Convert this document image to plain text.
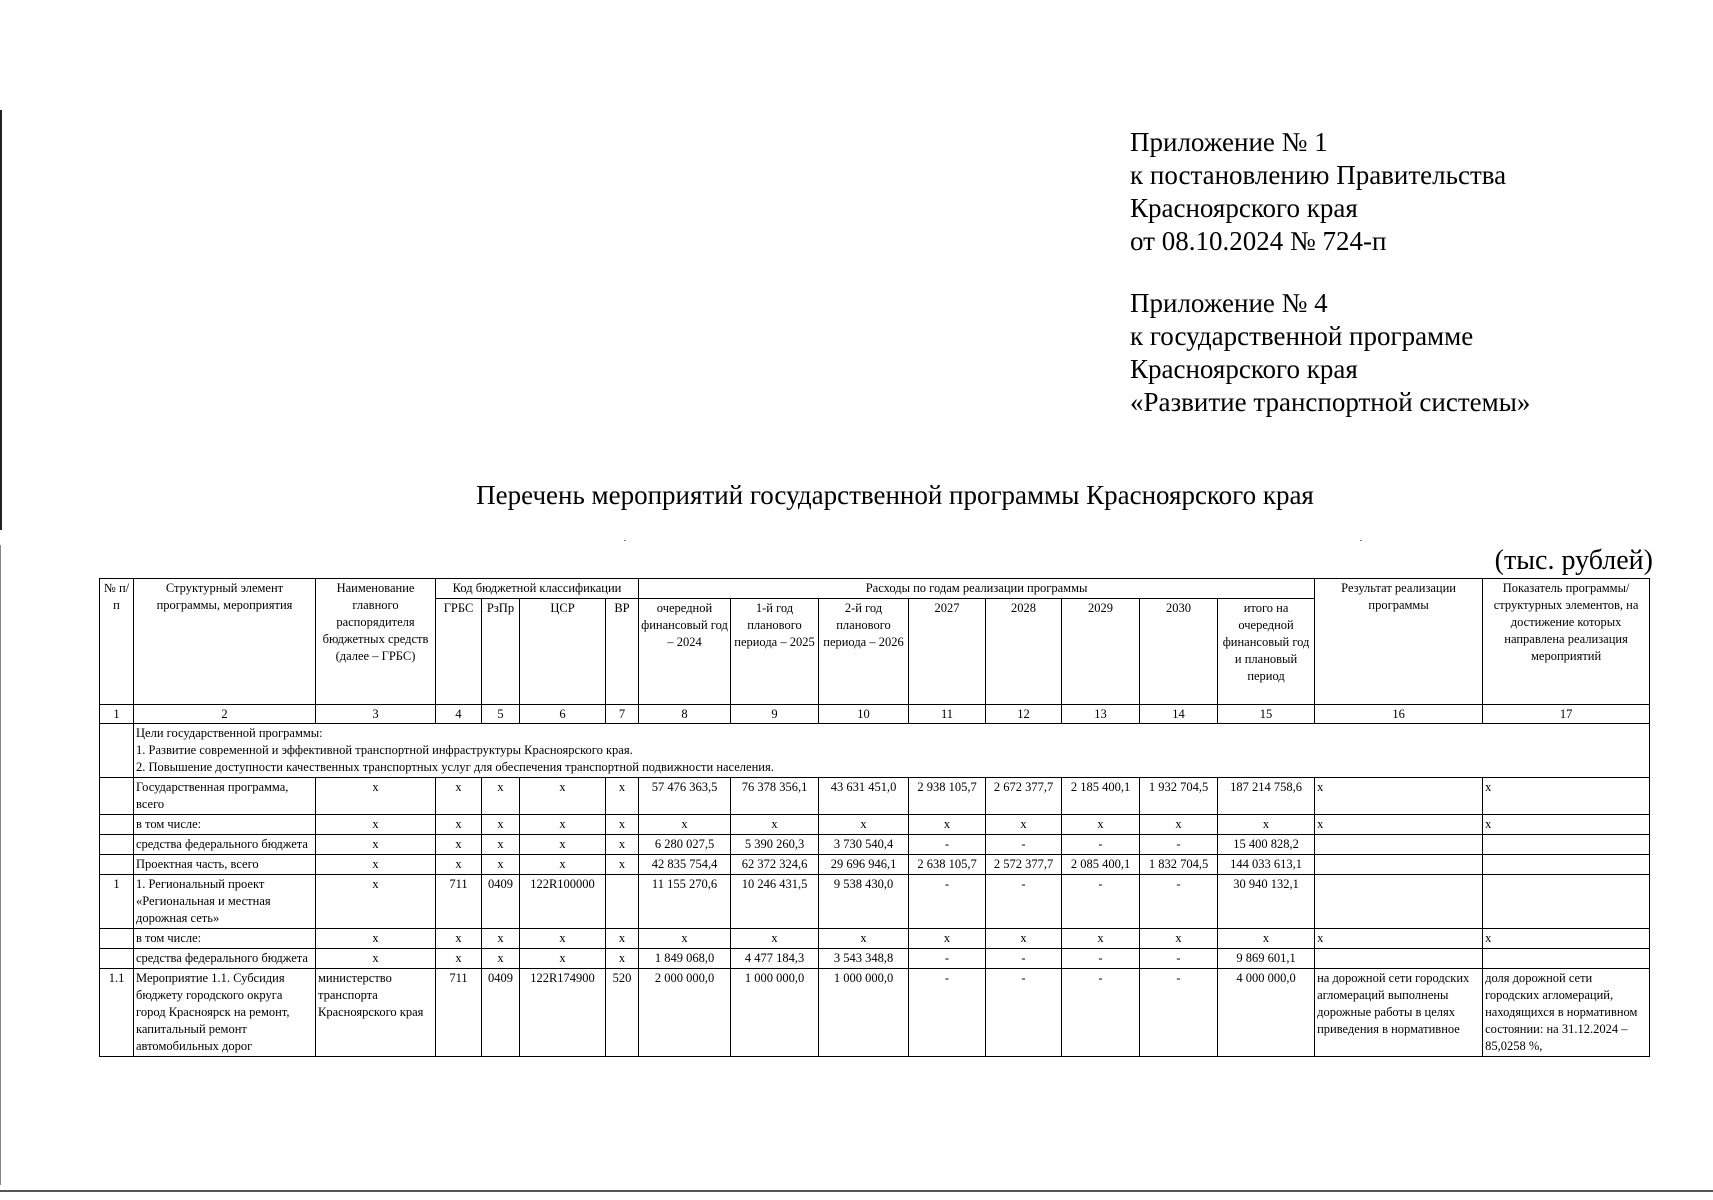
Приложение № 1
к постановлению Правительства
Красноярского края
от 08.10.2024 № 724-п
Приложение № 4
к государственной программе
Красноярского края
«Развитие транспортной системы»
Перечень мероприятий государственной программы Красноярского края
(тыс. рублей)
№ п/п	Структурный элемент программы, мероприятия	Наименование главного распорядителя бюджетных средств (далее – ГРБС)	Код бюджетной классификации				Расходы по годам реализации программы								Результат реализации программы	Показатель программы/ структурных элементов, на достижение которых направлена реализация мероприятий
			ГРБС	РзПр	ЦСР	ВР	очередной финансовый год – 2024	1-й год планового периода – 2025	2-й год планового периода – 2026	2027	2028	2029	2030	итого на очередной финансовый год и плановый период		
1	2	3	4	5	6	7	8	9	10	11	12	13	14	15	16	17

	Цели государственной программы:
1. Развитие современной и эффективной транспортной инфраструктуры Красноярского края.
2. Повышение доступности качественных транспортных услуг для обеспечения транспортной подвижности населения.															

	Государственная программа, всего	x	x	x	x	x	57 476 363,5	76 378 356,1	43 631 451,0	2 938 105,7	2 672 377,7	2 185 400,1	1 932 704,5	187 214 758,6	x	x
	в том числе:	x	x	x	x	x	x	x	x	x	x	x	x	x	x	x
	средства федерального бюджета	x	x	x	x	x	6 280 027,5	5 390 260,3	3 730 540,4	-	-	-	-	15 400 828,2		
	Проектная часть, всего	x	x	x	x	x	42 835 754,4	62 372 324,6	29 696 946,1	2 638 105,7	2 572 377,7	2 085 400,1	1 832 704,5	144 033 613,1		
1	1. Региональный проект «Региональная и местная дорожная сеть»	x	711	0409	122R100000		11 155 270,6	10 246 431,5	9 538 430,0	-	-	-	-	30 940 132,1		
	в том числе:	x	x	x	x	x	x	x	x	x	x	x	x	x	x	x
	средства федерального бюджета	x	x	x	x	x	1 849 068,0	4 477 184,3	3 543 348,8	-	-	-	-	9 869 601,1		
1.1	Мероприятие 1.1. Субсидия бюджету городского округа город Красноярск на ремонт, капитальный ремонт автомобильных дорог	министерство транспорта Красноярского края	711	0409	122R174900	520	2 000 000,0	1 000 000,0	1 000 000,0	-	-	-	-	4 000 000,0	на дорожной сети городских агломераций выполнены дорожные работы в целях приведения в нормативное	доля дорожной сети городских агломераций, находящихся в нормативном состоянии: на 31.12.2024 – 85,0258 %,
